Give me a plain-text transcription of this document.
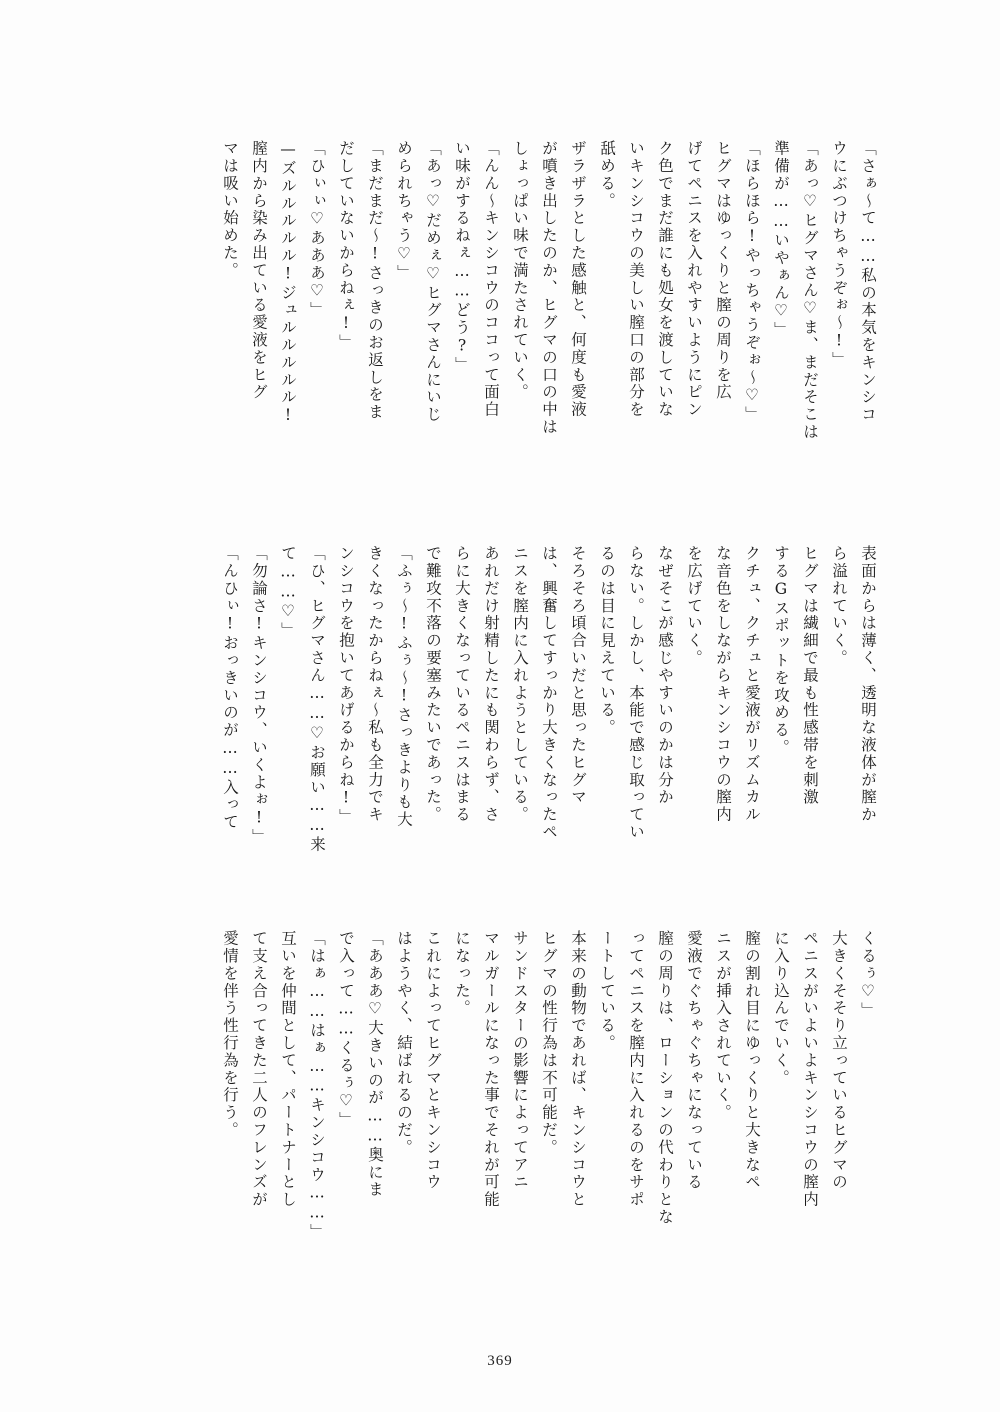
「さぁ～て……私の本気をキンシコ
ウにぶつけちゃうぞぉ～!」
「あっ♡ヒグマさん♡ま、まだそこは
準備が……いやぁん♡」
「ほらほら!やっちゃうぞぉ～♡」
ヒグマはゆっくりと膣の周りを広
げてペニスを入れやすいようにピン
ク色でまだ誰にも処女を渡していな
いキンシコウの美しい膣口の部分を
舐める。
ザラザラとした感触と、何度も愛液
が噴き出したのか、ヒグマの口の中は
しょっぱい味で満たされていく。
「んん～キンシコウのココって面白
い味がするねぇ……どう?」
「あっ♡だめぇ♡ヒグマさんにいじ
められちゃう♡」
「まだまだ～!さっきのお返しをま
だしていないからねぇ!」
「ひぃぃ♡あああ♡」
—ズルルルルル!ジュルルルルル!
膣内から染み出ている愛液をヒグ
マは吸い始めた。
表面からは薄く、透明な液体が膣か
ら溢れていく。
ヒグマは繊細で最も性感帯を刺激
するGスポットを攻める。
クチュ、クチュと愛液がリズムカル
な音色をしながらキンシコウの膣内
を広げていく。
なぜそこが感じやすいのかは分か
らない。しかし、本能で感じ取ってい
るのは目に見えている。
そろそろ頃合いだと思ったヒグマ
は、興奮してすっかり大きくなったペ
ニスを膣内に入れようとしている。
あれだけ射精したにも関わらず、さ
らに大きくなっているペニスはまる
で難攻不落の要塞みたいであった。
「ふぅ～!ふぅ～!さっきよりも大
きくなったからねぇ～私も全力でキ
ンシコウを抱いてあげるからね!」
「ひ、ヒグマさん……♡お願い……来
て……♡」
「勿論さ!キンシコウ、いくよぉ!」
「んひぃ!おっきいのが……入って
くるぅ♡」
大きくそそり立っているヒグマの
ペニスがいよいよキンシコウの膣内
に入り込んでいく。
膣の割れ目にゆっくりと大きなペ
ニスが挿入されていく。
愛液でぐちゃぐちゃになっている
膣の周りは、ローションの代わりとな
ってペニスを膣内に入れるのをサポ
ートしている。
本来の動物であれば、キンシコウと
ヒグマの性行為は不可能だ。
サンドスターの影響によってアニ
マルガールになった事でそれが可能
になった。
これによってヒグマとキンシコウ
はようやく、結ばれるのだ。
「あああ♡大きいのが……奥にま
で入って……くるぅ♡」
「はぁ……はぁ……キンシコウ……」
互いを仲間として、パートナーとし
て支え合ってきた二人のフレンズが
愛情を伴う性行為を行う。
369
